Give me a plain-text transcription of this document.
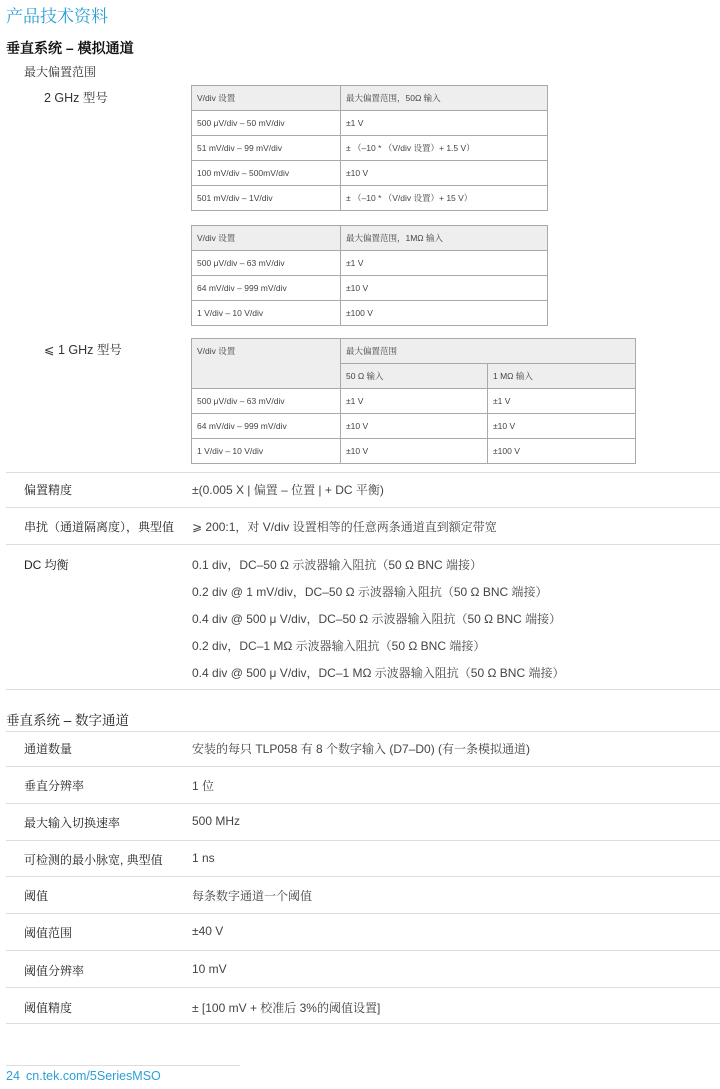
产品技术资料
垂直系统 – 模拟通道
最大偏置范围
2 GHz 型号	V/div 设置	最大偏置范围，50Ω 输入
500 μV/div – 50 mV/div	±1 V
51 mV/div – 99 mV/div	± （–10 * （V/div 设置）+ 1.5 V）
100 mV/div – 500mV/div	±10 V
501 mV/div – 1V/div	± （–10 * （V/div 设置）+ 15 V）
V/div 设置	最大偏置范围，1MΩ 输入
500 μV/div – 63 mV/div	±1 V
64 mV/div – 999 mV/div	±10 V
1 V/div – 10 V/div	±100 V
⩽ 1 GHz 型号	V/div 设置	最大偏置范围	
	50 Ω 输入	1 MΩ 输入
500 μV/div – 63 mV/div	±1 V	±1 V
64 mV/div – 999 mV/div	±10 V	±10 V
1 V/div – 10 V/div	±10 V	±100 V
偏置精度	±(0.005 X | 偏置 – 位置 | + DC 平衡)
串扰（通道隔离度），典型值 ⩾ 200:1，对 V/div 设置相等的任意两条通道直到额定带宽
DC 均衡	0.1 div，DC–50 Ω 示波器输入阻抗（50 Ω BNC 端接）
0.2 div @ 1 mV/div，DC–50 Ω 示波器输入阻抗（50 Ω BNC 端接）
0.4 div @ 500 μ V/div，DC–50 Ω 示波器输入阻抗（50 Ω BNC 端接）
0.2 div，DC–1 MΩ 示波器输入阻抗（50 Ω BNC 端接）
0.4 div @ 500 μ V/div，DC–1 MΩ 示波器输入阻抗（50 Ω BNC 端接）
垂直系统 – 数字通道
通道数量	安装的每只 TLP058 有 8 个数字输入 (D7–D0) (有一条模拟通道)
垂直分辨率	1 位
最大输入切换速率	500 MHz
可检测的最小脉宽, 典型值 1 ns
阈值	每条数字通道一个阈值
阈值范围	±40 V
阈值分辨率	10 mV
阈值精度	± [100 mV + 校准后 3%的阈值设置]
24 cn.tek.com/5SeriesMSO
